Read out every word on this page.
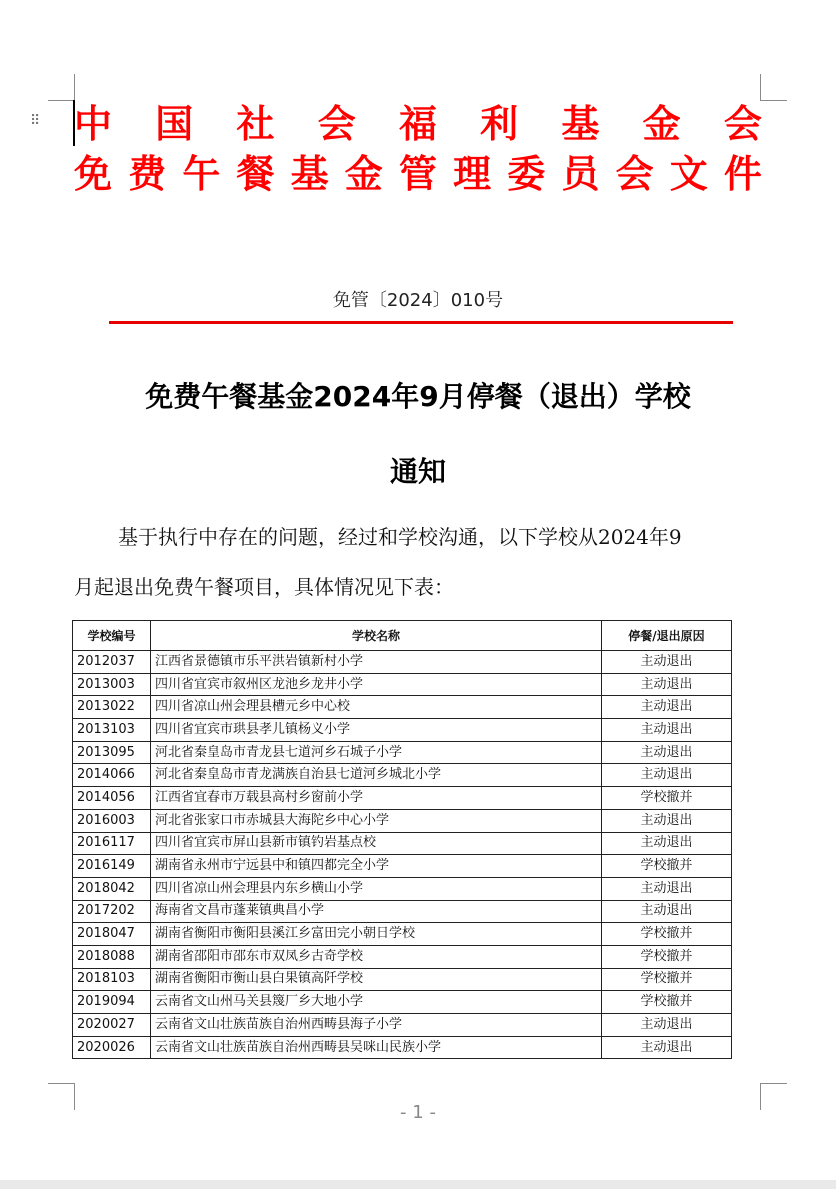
⠿ 中 国 社 会 福 利 基 金 会
免 费 午 餐 基 金 管 理 委 员 会 文 件
免管〔2024〕010号
免费午餐基金2024年9月停餐（退出）学校
通知
基于执行中存在的问题，经过和学校沟通，以下学校从2024年9
月起退出免费午餐项目，具体情况见下表：
学校编号	学校名称	停餐/退出原因
2012037	江西省景德镇市乐平洪岩镇新村小学	主动退出
2013003	四川省宜宾市叙州区龙池乡龙井小学	主动退出
2013022	四川省凉山州会理县槽元乡中心校	主动退出
2013103	四川省宜宾市珙县孝儿镇杨义小学	主动退出
2013095	河北省秦皇岛市青龙县七道河乡石城子小学	主动退出
2014066	河北省秦皇岛市青龙满族自治县七道河乡城北小学	主动退出
2014056	江西省宜春市万载县高村乡窗前小学	学校撤并
2016003	河北省张家口市赤城县大海陀乡中心小学	主动退出
2016117	四川省宜宾市屏山县新市镇钓岩基点校	主动退出
2016149	湖南省永州市宁远县中和镇四都完全小学	学校撤并
2018042	四川省凉山州会理县内东乡横山小学	主动退出
2017202	海南省文昌市蓬莱镇典昌小学	主动退出
2018047	湖南省衡阳市衡阳县溪江乡富田完小朝日学校	学校撤并
2018088	湖南省邵阳市邵东市双凤乡古奇学校	学校撤并
2018103	湖南省衡阳市衡山县白果镇高阡学校	学校撤并
2019094	云南省文山州马关县篾厂乡大地小学	学校撤并
2020027	云南省文山壮族苗族自治州西畴县海子小学	主动退出
2020026	云南省文山壮族苗族自治州西畴县吴咪山民族小学	主动退出
- 1 -
